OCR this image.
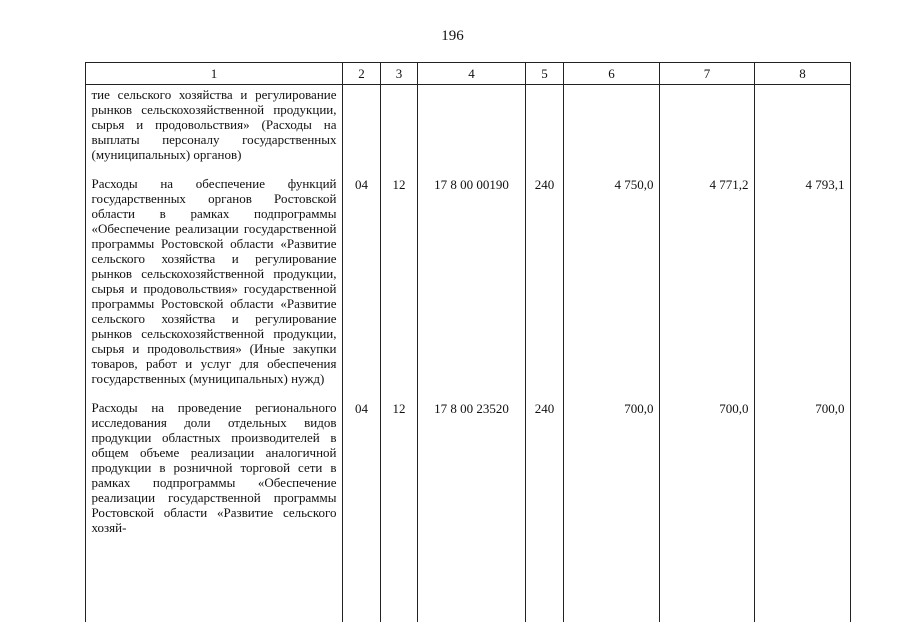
196
1	2	3	4	5	6	7	8
тие сельского хозяйства и регулирование рынков сельскохозяйственной продукции, сырья и продовольствия» (Расходы на выплаты персоналу государственных (муниципальных) органов)							
Расходы на обеспечение функций государственных органов Ростовской области в рамках подпрограммы «Обеспечение реализации государственной программы Ростовской области «Развитие сельского хозяйства и регулирование рынков сельскохозяйственной продукции, сырья и продовольствия» государственной программы Ростовской области «Развитие сельского хозяйства и регулирование рынков сельскохозяйственной продукции, сырья и продовольствия» (Иные закупки товаров, работ и услуг для обеспечения государственных (муниципальных) нужд)	04	12	17 8 00 00190	240	4 750,0	4 771,2	4 793,1
Расходы на проведение регионального исследования доли отдельных видов продукции областных производителей в общем объеме реализации аналогичной продукции в розничной торговой сети в рамках подпрограммы «Обеспечение реализации государственной программы Ростовской области «Развитие сельского хозяй-	04	12	17 8 00 23520	240	700,0	700,0	700,0
